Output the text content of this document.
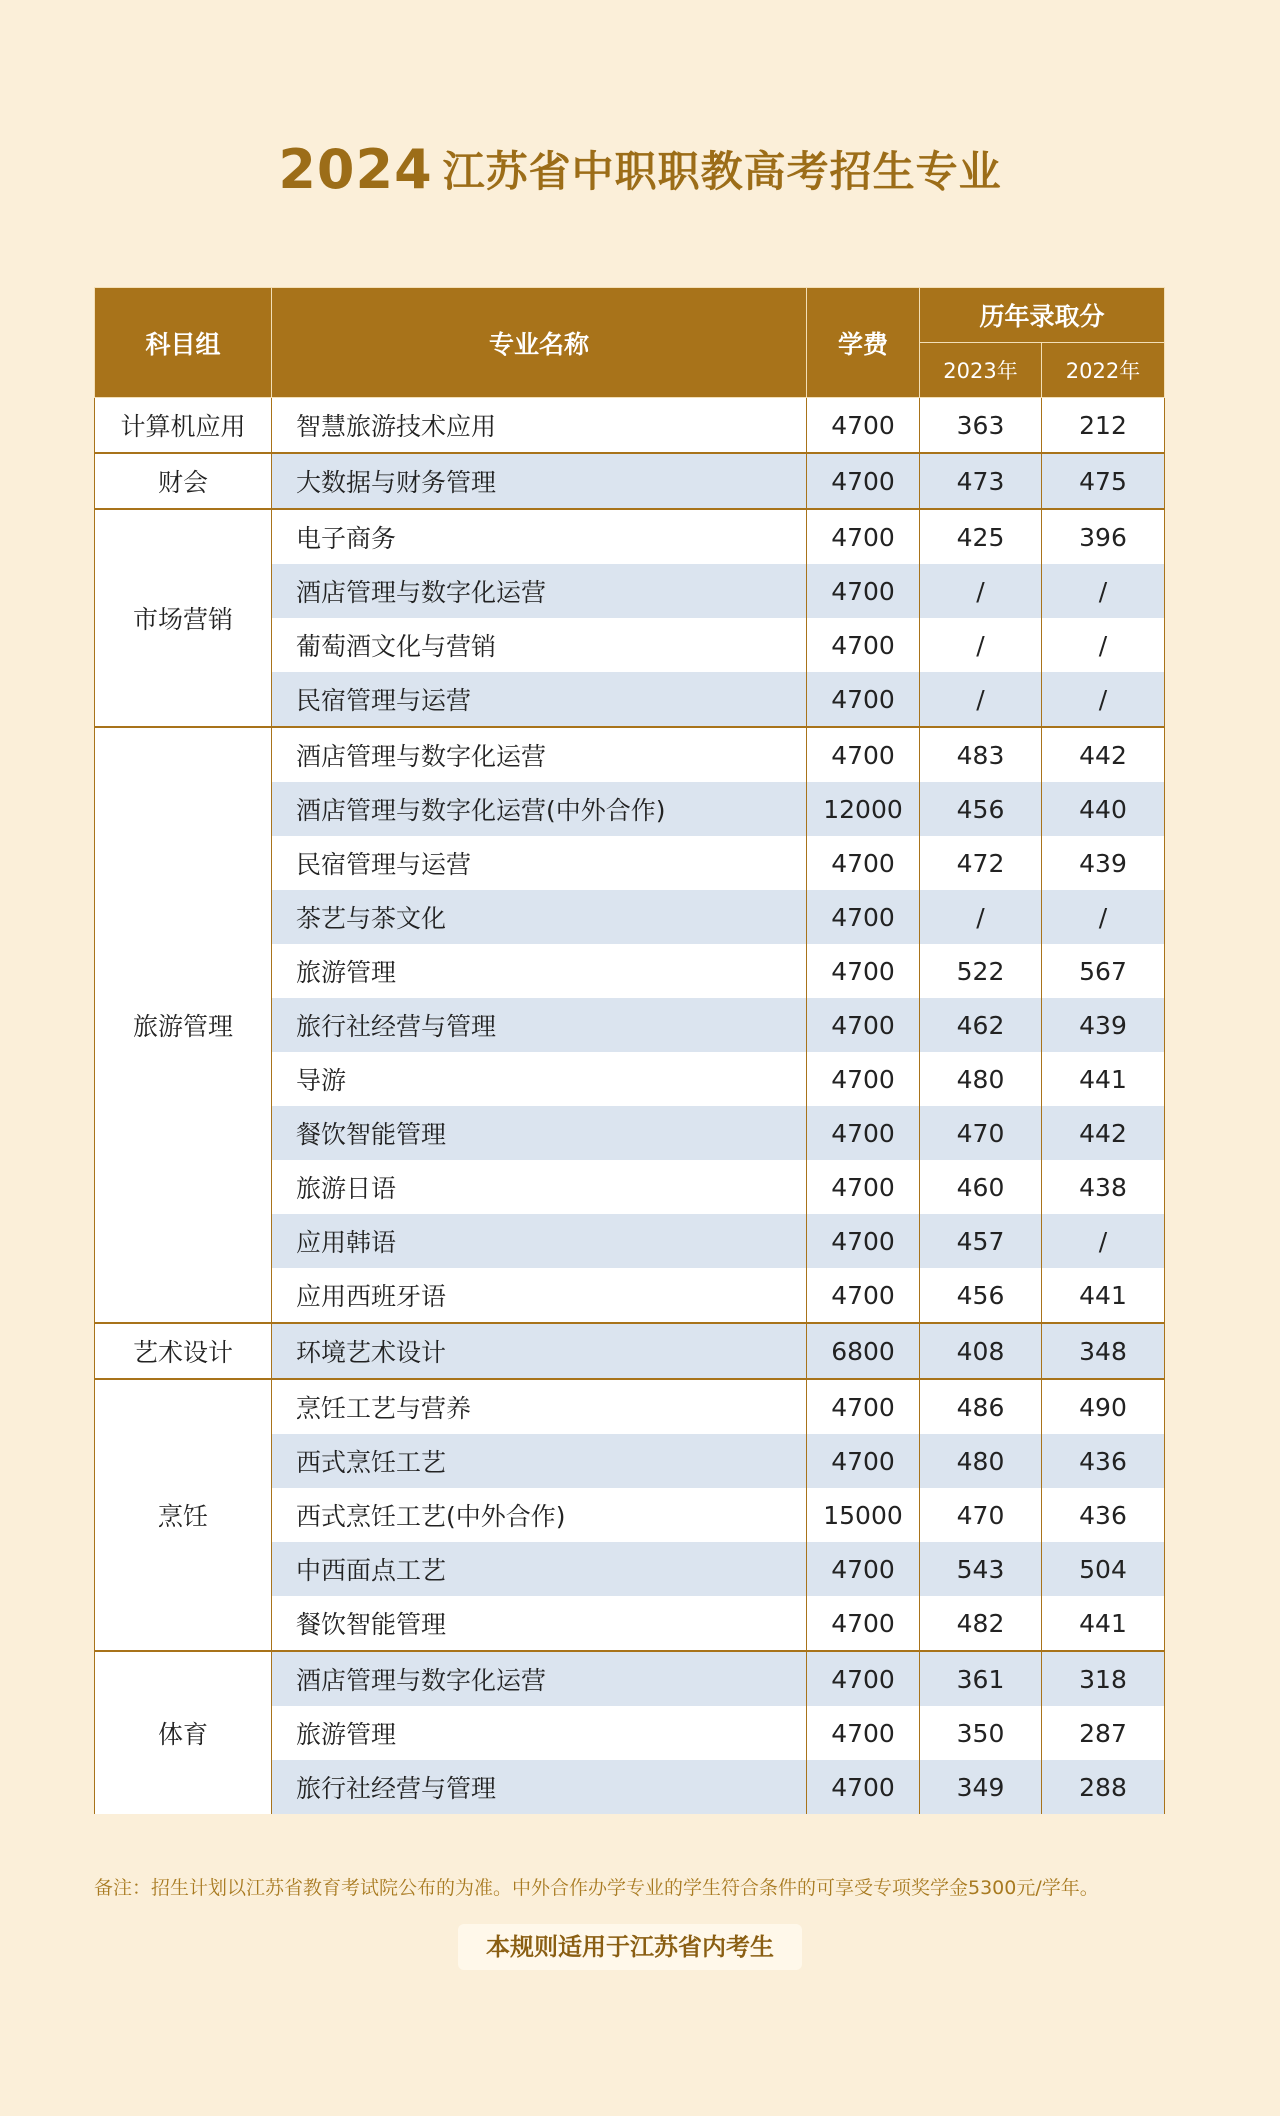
2024 江苏省中职职教高考招生专业
科目组	专业名称	学费	历年录取分	
			2023年	2022年
计算机应用	智慧旅游技术应用	4700	363	212
财会	大数据与财务管理	4700	473	475
市场营销	电子商务	4700	425	396
	酒店管理与数字化运营	4700	/	/
	葡萄酒文化与营销	4700	/	/
	民宿管理与运营	4700	/	/
旅游管理	酒店管理与数字化运营	4700	483	442
	酒店管理与数字化运营(中外合作)	12000	456	440
	民宿管理与运营	4700	472	439
	茶艺与茶文化	4700	/	/
	旅游管理	4700	522	567
	旅行社经营与管理	4700	462	439
	导游	4700	480	441
	餐饮智能管理	4700	470	442
	旅游日语	4700	460	438
	应用韩语	4700	457	/
	应用西班牙语	4700	456	441
艺术设计	环境艺术设计	6800	408	348
烹饪	烹饪工艺与营养	4700	486	490
	西式烹饪工艺	4700	480	436
	西式烹饪工艺(中外合作)	15000	470	436
	中西面点工艺	4700	543	504
	餐饮智能管理	4700	482	441
体育	酒店管理与数字化运营	4700	361	318
	旅游管理	4700	350	287
	旅行社经营与管理	4700	349	288
备注：招生计划以江苏省教育考试院公布的为准。中外合作办学专业的学生符合条件的可享受专项奖学金5300元/学年。
本规则适用于江苏省内考生
